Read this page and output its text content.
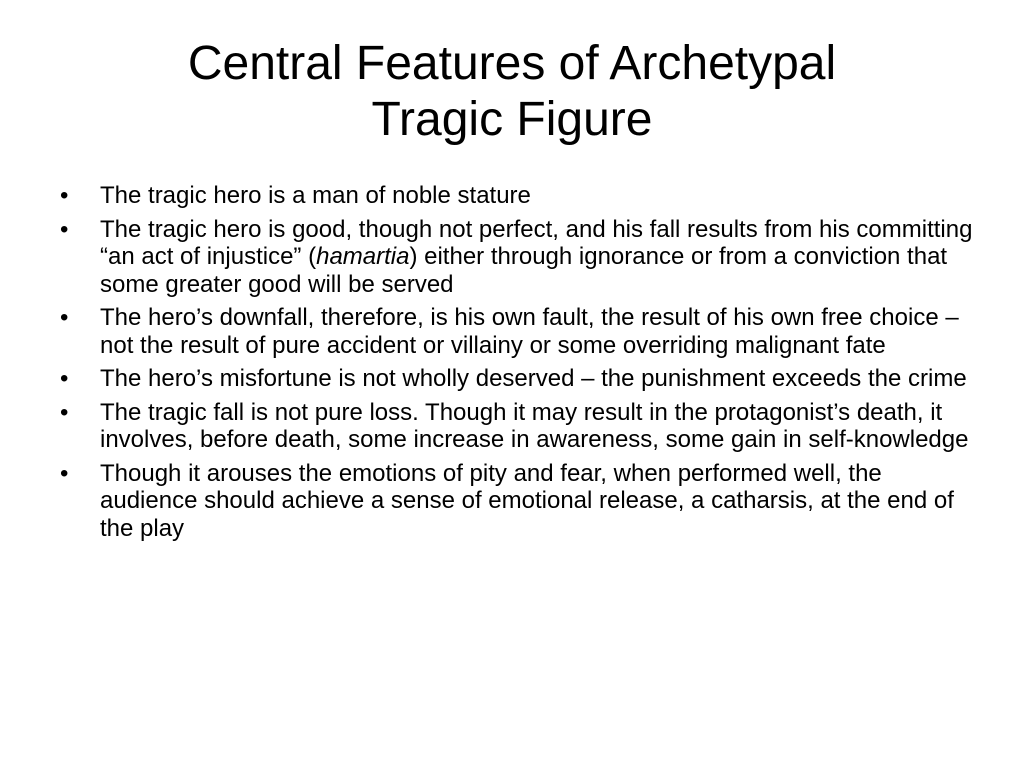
Central Features of Archetypal
Tragic Figure
•	The tragic hero is a man of noble stature
•	The tragic hero is good, though not perfect, and his fall results from his committing “an act of injustice” (hamartia) either through ignorance or from a conviction that some greater good will be served
•	The hero’s downfall, therefore, is his own fault, the result of his own free choice – not the result of pure accident or villainy or some overriding malignant fate
•	The hero’s misfortune is not wholly deserved – the punishment exceeds the crime
•	The tragic fall is not pure loss. Though it may result in the protagonist’s death, it involves, before death, some increase in awareness, some gain in self-knowledge
•	Though it arouses the emotions of pity and fear, when performed well, the audience should achieve a sense of emotional release, a catharsis, at the end of the play
